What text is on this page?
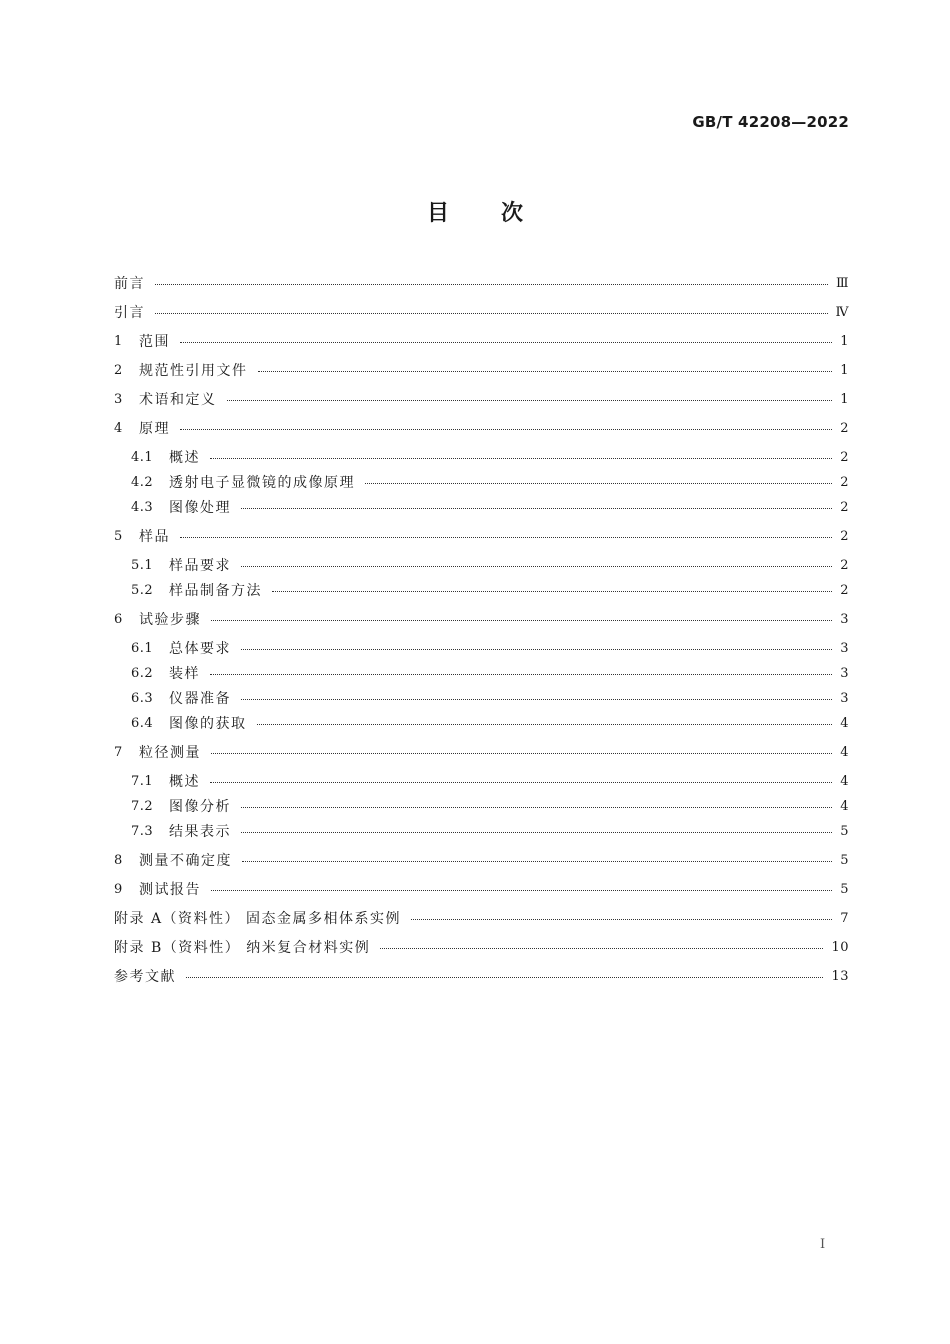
GB/T 42208—2022
目次
前言	Ⅲ
引言	Ⅳ
1	范围	1
2	规范性引用文件	1
3	术语和定义	1
4	原理	2
4.1	概述	2
4.2	透射电子显微镜的成像原理	2
4.3	图像处理	2
5	样品	2
5.1	样品要求	2
5.2	样品制备方法	2
6	试验步骤	3
6.1	总体要求	3
6.2	装样	3
6.3	仪器准备	3
6.4	图像的获取	4
7	粒径测量	4
7.1	概述	4
7.2	图像分析	4
7.3	结果表示	5
8	测量不确定度	5
9	测试报告	5
附录 A（资料性） 固态金属多相体系实例	7
附录 B（资料性） 纳米复合材料实例	10
参考文献	13
I
